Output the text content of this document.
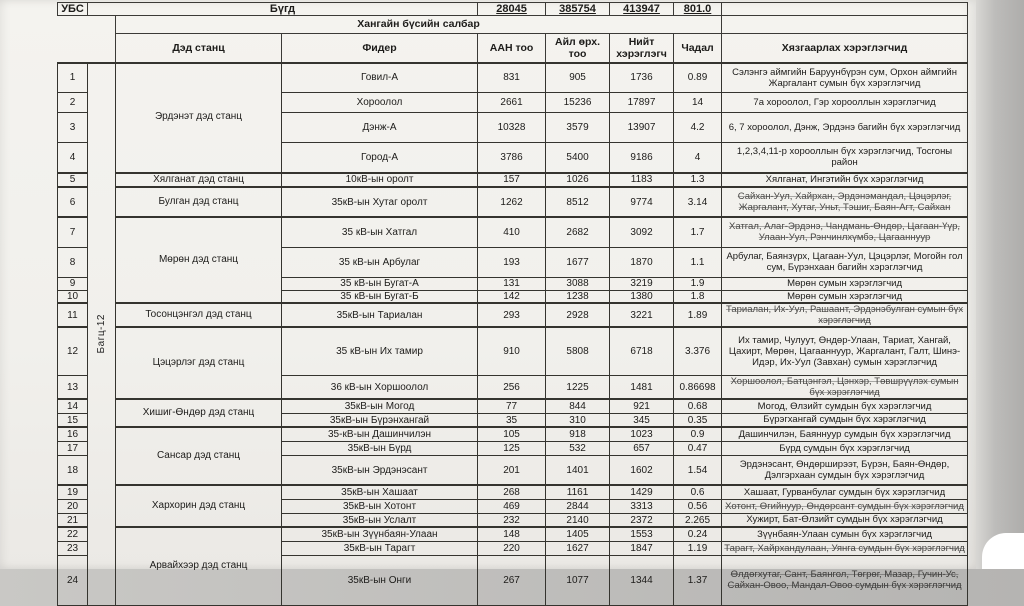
УБС	Бүгд			28045	385754	413947	801.0	
		Хангайн бүсийн салбар						
		Дэд станц	Фидер	ААН тоо	Айл өрх. тоо	Нийт хэрэглэгч	Чадал	Хязгаарлах хэрэглэгчид
1	Багц-12	Эрдэнэт дэд станц	Говил-А	831	905	1736	0.89	Сэлэнгэ аймгийн Баруунбүрэн сум, Орхон аймгийн Жаргалант сумын бүх хэрэглэгчид

2			Хороолол	2661	15236	17897	14	7а хороолол, Гэр хорооллын хэрэглэгчид

3			Дэнж-А	10328	3579	13907	4.2	6, 7 хороолол, Дэнж, Эрдэнэ багийн бүх хэрэглэгчид

4			Город-А	3786	5400	9186	4	1,2,3,4,11-р хорооллын бүх хэрэглэгчид, Тосгоны район

5		Хялганат дэд станц	10кВ-ын оролт	157	1026	1183	1.3	Хялганат, Ингэтийн бүх хэрэглэгчид

6		Булган дэд станц	35кВ-ын Хутаг оролт	1262	8512	9774	3.14	Сайхан-Уул, Хайрхан, Эрдэнэмандал, Цэцэрлэг, Жаргалант, Хутаг, Уньт, Тэшиг, Баян-Агт, Сайхан

7		Мөрөн дэд станц	35 кВ-ын Хатгал	410	2682	3092	1.7	Хатгал, Алаг-Эрдэнэ, Чандмань-Өндөр, Цагаан-Үүр, Улаан-Уул, Рэнчинлхүмбэ, Цагааннуур

8			35 кВ-ын Арбулаг	193	1677	1870	1.1	Арбулаг, Баянзүрх, Цагаан-Уул, Цэцэрлэг, Могойн гол сум, Бүрэнхаан багийн хэрэглэгчид

9			35 кВ-ын Бугат-А	131	3088	3219	1.9	Мөрөн сумын хэрэглэгчид

10			35 кВ-ын Бугат-Б	142	1238	1380	1.8	Мөрөн сумын хэрэглэгчид

11		Тосонцэнгэл дэд станц	35кВ-ын Тариалан	293	2928	3221	1.89	Тариалан, Их-Уул, Рашаант, Эрдэнэбулган сумын бүх хэрэглэгчид

12		Цэцэрлэг дэд станц	35 кВ-ын Их тамир	910	5808	6718	3.376	Их тамир, Чулуут, Өндөр-Улаан, Тариат, Хангай, Цахирт, Мөрөн, Цагааннуур, Жаргалант, Галт, Шинэ-Идэр, Их-Уул (Завхан) сумын хэрэглэгчид

13			36 кВ-ын Хоршоолол	256	1225	1481	0.86698	Хоршоолол, Батцэнгэл, Цэнхэр, Төвшрүүлэх сумын бүх хэрэглэгчид

14		Хишиг-Өндөр дэд станц	35кВ-ын Могод	77	844	921	0.68	Могод, Өлзийт сумдын бүх хэрэглэгчид

15			35кВ-ын Бүрэнхангай	35	310	345	0.35	Бүрэгхангай сумдын бүх хэрэглэгчид

16		Сансар дэд станц	35-кВ-ын Дашинчилэн	105	918	1023	0.9	Дашинчилэн, Баяннуур сумдын бүх хэрэглэгчид

17			35кВ-ын Бүрд	125	532	657	0.47	Бүрд сумдын бүх хэрэглэгчид

18			35кВ-ын Эрдэнэсант	201	1401	1602	1.54	Эрдэнэсант, Өндөрширээт, Бүрэн, Баян-Өндөр, Дэлгэрхаан сумдын бүх хэрэглэгчид

19		Хархорин дэд станц	35кВ-ын Хашаат	268	1161	1429	0.6	Хашаат, Гурванбулаг сумдын бүх хэрэглэгчид

20			35кВ-ын Хотонт	469	2844	3313	0.56	Хотонт, Өгийнуур, Өндөрсант сумдын бүх хэрэглэгчид

21			35кВ-ын Услалт	232	2140	2372	2.265	Хужирт, Бат-Өлзийт сумдын бүх хэрэглэгчид

22		Арвайхээр дэд станц	35кВ-ын Зүүнбаян-Улаан	148	1405	1553	0.24	Зүүнбаян-Улаан сумын бүх хэрэглэгчид

23			35кВ-ын Тарагт	220	1627	1847	1.19	Тарагт, Хайрхандулаан, Уянга сумдын бүх хэрэглэгчид

24			35кВ-ын Онги	267	1077	1344	1.37	Өлдөгхутаг, Сант, Баянгол, Төгрөг, Мазар, Гучин-Ус, Сайхан-Овоо, Мандал-Овоо сумдын бүх хэрэглэгчид
